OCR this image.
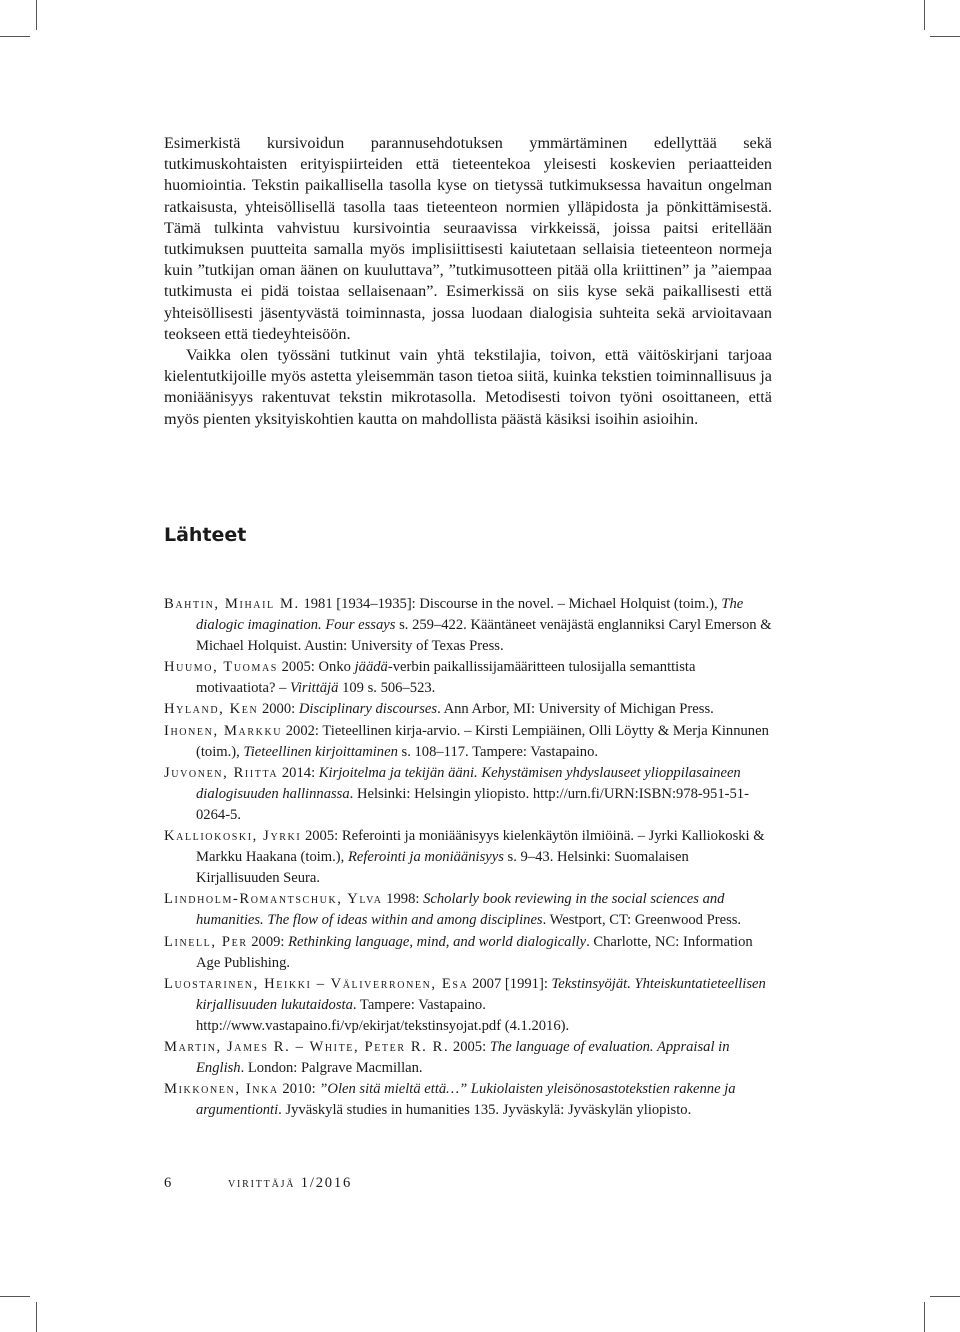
Esimerkistä kursivoidun parannusehdotuksen ymmärtäminen edellyttää sekä tutkimuskohtaisten erityispiirteiden että tieteentekoa yleisesti koskevien periaatteiden huomiointia. Tekstin paikallisella tasolla kyse on tietyssä tutkimuksessa havaitun ongelman ratkaisusta, yhteisöllisellä tasolla taas tieteenteon normien ylläpidosta ja pönkittämisestä. Tämä tulkinta vahvistuu kursivointia seuraavissa virkkeissä, joissa paitsi eritellään tutkimuksen puutteita samalla myös implisiittisesti kaiutetaan sellaisia tieteenteon normeja kuin ”tutkijan oman äänen on kuuluttava”, ”tutkimusotteen pitää olla kriittinen” ja ”aiempaa tutkimusta ei pidä toistaa sellaisenaan”. Esimerkissä on siis kyse sekä paikallisesti että yhteisöllisesti jäsentyvästä toiminnasta, jossa luodaan dialogisia suhteita sekä arvioitavaan teokseen että tiedeyhteisöön.

Vaikka olen työssäni tutkinut vain yhtä tekstilajia, toivon, että väitöskirjani tarjoaa kielentutkijoille myös astetta yleisemmän tason tietoa siitä, kuinka tekstien toiminnallisuus ja moniäänisyys rakentuvat tekstin mikrotasolla. Metodisesti toivon työni osoittaneen, että myös pienten yksityiskohtien kautta on mahdollista päästä käsiksi isoihin asioihin.

Lähteet

Bahtin, Mihail M. 1981 [1934–1935]: Discourse in the novel. – Michael Holquist (toim.), The dialogic imagination. Four essays s. 259–422. Kääntäneet venäjästä englanniksi Caryl Emerson & Michael Holquist. Austin: University of Texas Press.

Huumo, Tuomas 2005: Onko jäädä-verbin paikallissijamääritteen tulosijalla semanttista motivaatiota? – Virittäjä 109 s. 506–523.

Hyland, Ken 2000: Disciplinary discourses. Ann Arbor, MI: University of Michigan Press.

Ihonen, Markku 2002: Tieteellinen kirja-arvio. – Kirsti Lempiäinen, Olli Löytty & Merja Kinnunen (toim.), Tieteellinen kirjoittaminen s. 108–117. Tampere: Vastapaino.

Juvonen, Riitta 2014: Kirjoitelma ja tekijän ääni. Kehystämisen yhdyslauseet ylioppilasaineen dialogisuuden hallinnassa. Helsinki: Helsingin yliopisto. http://urn.fi/URN:ISBN:978-951-51-0264-5.

Kalliokoski, Jyrki 2005: Referointi ja moniäänisyys kielenkäytön ilmiöinä. – Jyrki Kalliokoski & Markku Haakana (toim.), Referointi ja moniäänisyys s. 9–43. Helsinki: Suomalaisen Kirjallisuuden Seura.

Lindholm-Romantschuk, Ylva 1998: Scholarly book reviewing in the social sciences and humanities. The flow of ideas within and among disciplines. Westport, CT: Greenwood Press.

Linell, Per 2009: Rethinking language, mind, and world dialogically. Charlotte, NC: Information Age Publishing.

Luostarinen, Heikki – Väliverronen, Esa 2007 [1991]: Tekstinsyöjät. Yhteiskuntatieteellisen kirjallisuuden lukutaidosta. Tampere: Vastapaino. http://www.vastapaino.fi/vp/ekirjat/tekstinsyojat.pdf (4.1.2016).

Martin, James R. – White, Peter R. R. 2005: The language of evaluation. Appraisal in English. London: Palgrave Macmillan.

Mikkonen, Inka 2010: ”Olen sitä mieltä että…” Lukiolaisten yleisönosastotekstien rakenne ja argumentionti. Jyväskylä studies in humanities 135. Jyväskylä: Jyväskylän yliopisto.

6	virittäjä 1/2016
